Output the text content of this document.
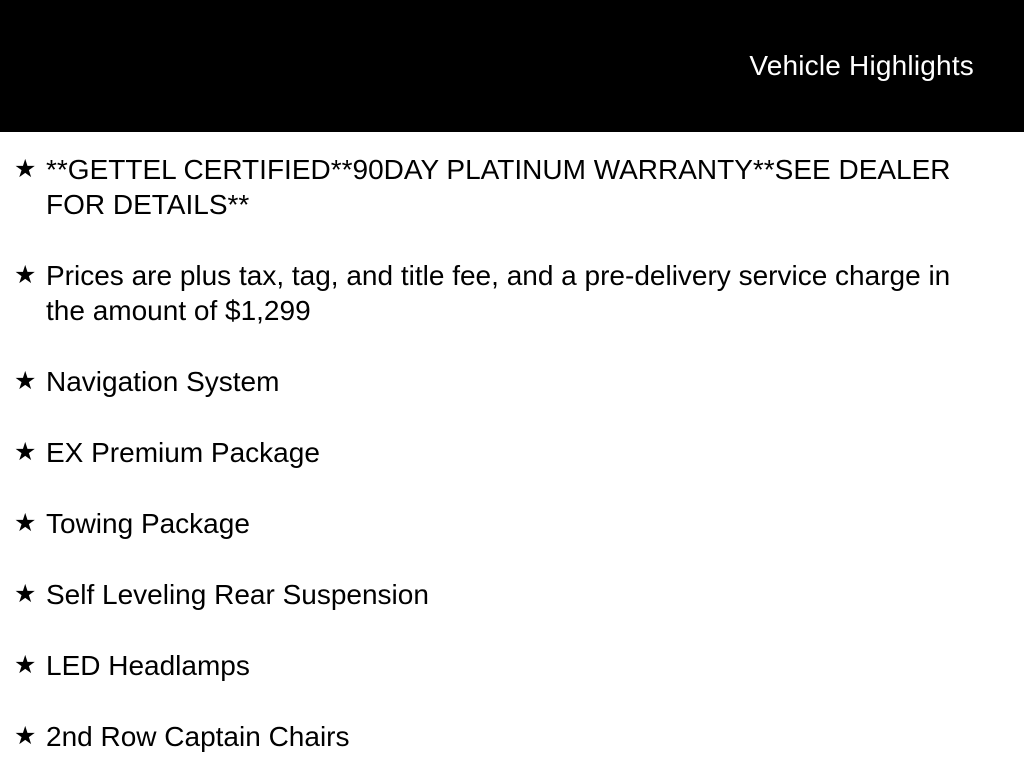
Vehicle Highlights
★ **GETTEL CERTIFIED**90DAY PLATINUM WARRANTY**SEE DEALER FOR DETAILS**
★ Prices are plus tax, tag, and title fee, and a pre-delivery service charge in the amount of $1,299
★ Navigation System
★ EX Premium Package
★ Towing Package
★ Self Leveling Rear Suspension
★ LED Headlamps
★ 2nd Row Captain Chairs
